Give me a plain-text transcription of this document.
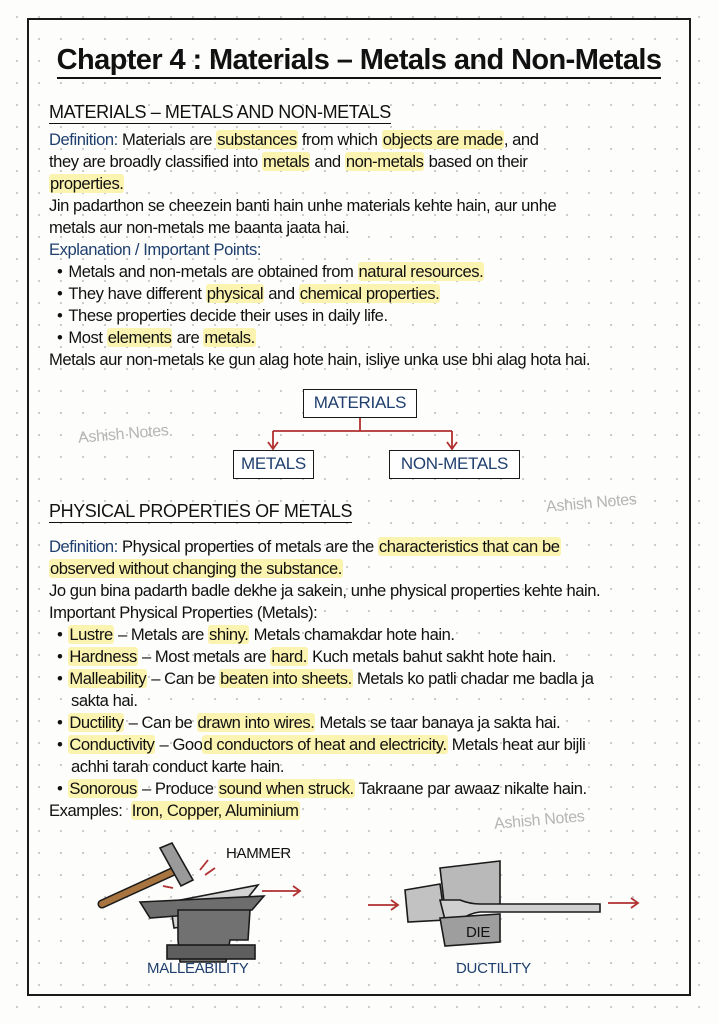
Chapter 4 : Materials – Metals and Non-Metals
MATERIALS – METALS AND NON-METALS
Definition: Materials are substances from which objects are made, and
they are broadly classified into metals and non-metals based on their
properties.
Jin padarthon se cheezein banti hain unhe materials kehte hain, aur unhe
metals aur non-metals me baanta jaata hai.
Explanation / Important Points:
• Metals and non-metals are obtained from natural resources.
• They have different physical and chemical properties.
• These properties decide their uses in daily life.
• Most elements are metals.
Metals aur non-metals ke gun alag hote hain, isliye unka use bhi alag hota hai.
MATERIALS
METALS	NON-METALS
Ashish Notes
Ashish Notes
Ashish Notes
PHYSICAL PROPERTIES OF METALS
Definition: Physical properties of metals are the characteristics that can be
observed without changing the substance.
Jo gun bina padarth badle dekhe ja sakein, unhe physical properties kehte hain.
Important Physical Properties (Metals):
• Lustre – Metals are shiny. Metals chamakdar hote hain.
• Hardness – Most metals are hard. Kuch metals bahut sakht hote hain.
• Malleability – Can be beaten into sheets. Metals ko patli chadar me badla ja
sakta hai.
• Ductility – Can be drawn into wires. Metals se taar banaya ja sakta hai.
• Conductivity – Good conductors of heat and electricity. Metals heat aur bijli
achhi tarah conduct karte hain.
• Sonorous – Produce sound when struck. Takraane par awaaz nikalte hain.
Examples:  Iron, Copper, Aluminium
HAMMER
DIE
MALLEABILITY	DUCTILITY
